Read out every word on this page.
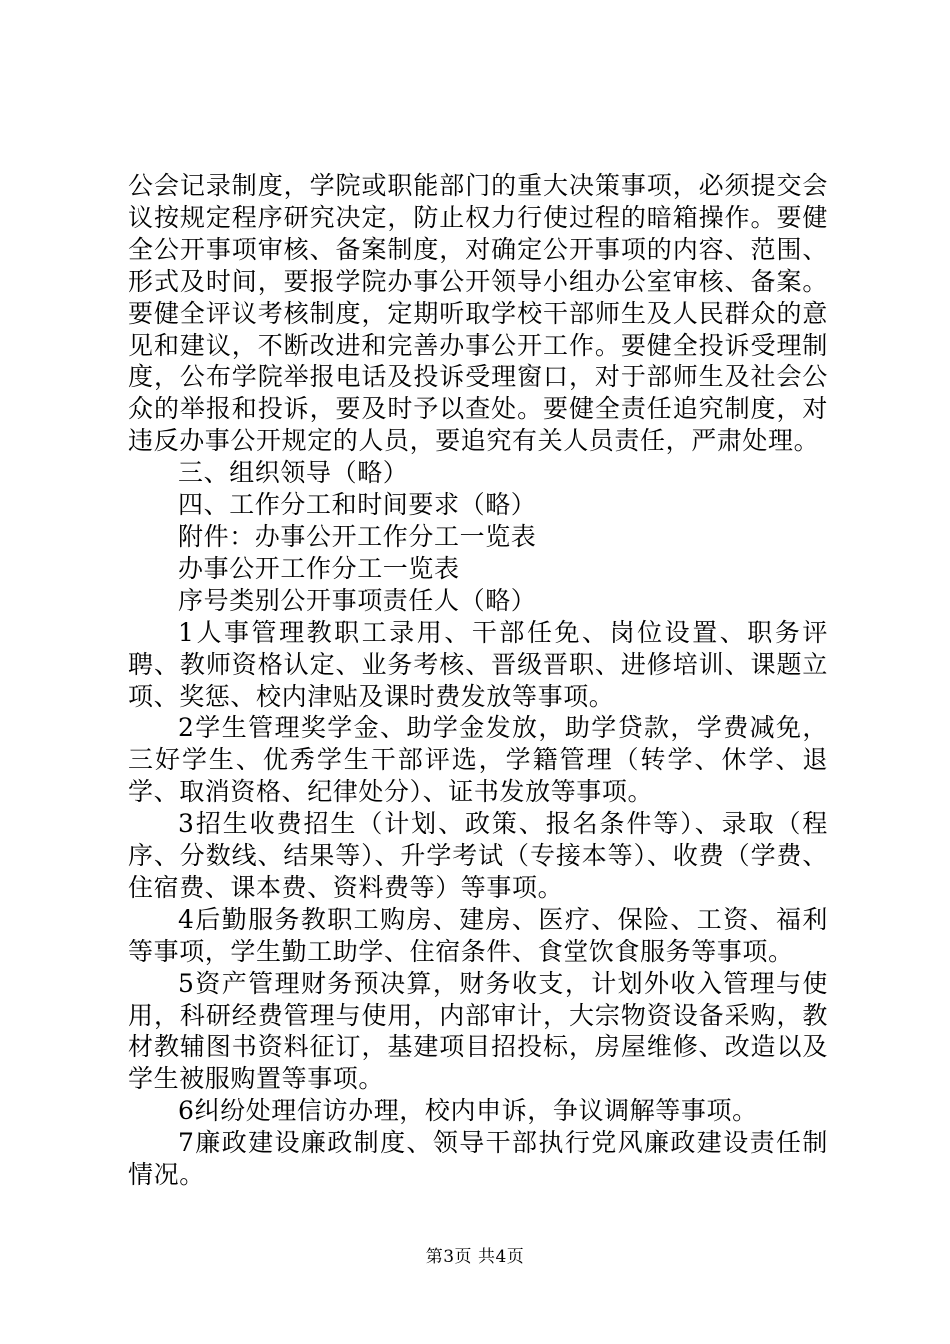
公会记录制度，学院或职能部门的重大决策事项，必须提交会议按规定程序研究决定，防止权力行使过程的暗箱操作。要健全公开事项审核、备案制度，对确定公开事项的内容、范围、形式及时间，要报学院办事公开领导小组办公室审核、备案。要健全评议考核制度，定期听取学校干部师生及人民群众的意见和建议，不断改进和完善办事公开工作。要健全投诉受理制度，公布学院举报电话及投诉受理窗口，对于部师生及社会公众的举报和投诉，要及时予以查处。要健全责任追究制度，对违反办事公开规定的人员，要追究有关人员责任，严肃处理。

三、组织领导（略）

四、工作分工和时间要求（略）

附件：办事公开工作分工一览表

办事公开工作分工一览表

序号类别公开事项责任人（略）

1人事管理教职工录用、干部任免、岗位设置、职务评聘、教师资格认定、业务考核、晋级晋职、进修培训、课题立项、奖惩、校内津贴及课时费发放等事项。

2学生管理奖学金、助学金发放，助学贷款，学费减免，三好学生、优秀学生干部评选，学籍管理（转学、休学、退学、取消资格、纪律处分）、证书发放等事项。

3招生收费招生（计划、政策、报名条件等）、录取（程序、分数线、结果等）、升学考试（专接本等）、收费（学费、住宿费、课本费、资料费等）等事项。

4后勤服务教职工购房、建房、医疗、保险、工资、福利等事项，学生勤工助学、住宿条件、食堂饮食服务等事项。

5资产管理财务预决算，财务收支，计划外收入管理与使用，科研经费管理与使用，内部审计，大宗物资设备采购，教材教辅图书资料征订，基建项目招投标，房屋维修、改造以及学生被服购置等事项。

6纠纷处理信访办理，校内申诉，争议调解等事项。

7廉政建设廉政制度、领导干部执行党风廉政建设责任制情况。

第3页 共4页
